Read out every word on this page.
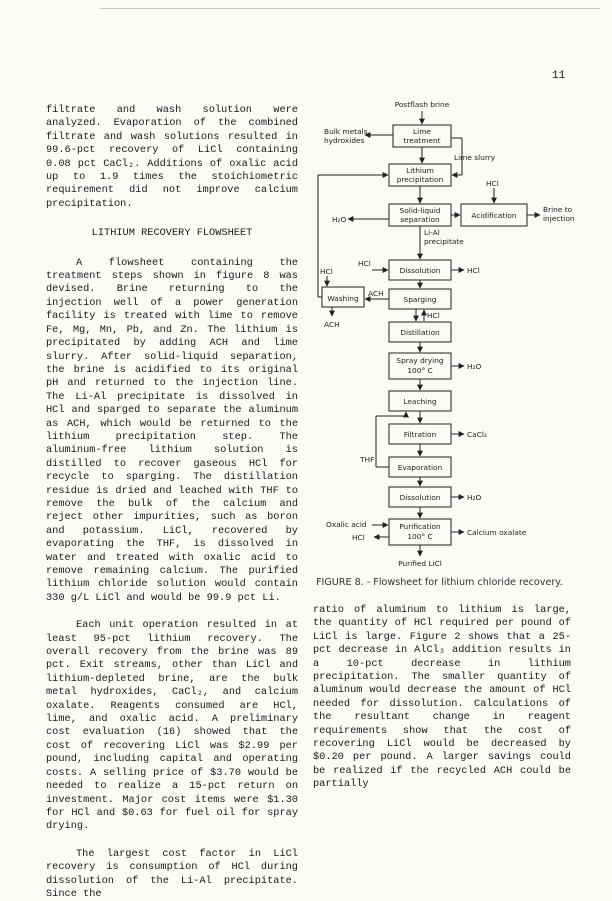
11

filtrate and wash solution were analyzed. Evaporation of the combined filtrate and wash solutions resulted in 99.6-pct recovery of LiCl containing 0.08 pct CaCl₂. Additions of oxalic acid up to 1.9 times the stoichiometric requirement did not improve calcium precipitation.

LITHIUM RECOVERY FLOWSHEET

A flowsheet containing the treatment steps shown in figure 8 was devised. Brine returning to the injection well of a power generation facility is treated with lime to remove Fe, Mg, Mn, Pb, and Zn. The lithium is precipitated by adding ACH and lime slurry. After solid-liquid separation, the brine is acidified to its original pH and returned to the injection line. The Li-Al precipitate is dissolved in HCl and sparged to separate the aluminum as ACH, which would be returned to the lithium precipitation step. The aluminum-free lithium solution is distilled to recover gaseous HCl for recycle to sparging. The distillation residue is dried and leached with THF to remove the bulk of the calcium and reject other impurities, such as boron and potassium. LiCl, recovered by evaporating the THF, is dissolved in water and treated with oxalic acid to remove remaining calcium. The purified lithium chloride solution would contain 330 g/L LiCl and would be 99.9 pct Li.

Each unit operation resulted in at least 95-pct lithium recovery. The overall recovery from the brine was 89 pct. Exit streams, other than LiCl and lithium-depleted brine, are the bulk metal hydroxides, CaCl₂, and calcium oxalate. Reagents consumed are HCl, lime, and oxalic acid. A preliminary cost evaluation (16) showed that the cost of recovering LiCl was $2.99 per pound, including capital and operating costs. A selling price of $3.70 would be needed to realize a 15-pct return on investment. Major cost items were $1.30 for HCl and $0.63 for fuel oil for spray drying.

The largest cost factor in LiCl recovery is consumption of HCl during dissolution of the Li-Al precipitate. Since the

Postflash brine
Bulk metals
hydroxides
Lime
treatment
Lime slurry
Lithium
precipitation	HCl
Solid-liquid
separation	Acidification
Brine to
injection
H₂O
Li-Al
precipitate
HCl
Dissolution	HCl
HCl
Washing
ACH
Sparging
ACH
HCl
Distillation
Spray drying
100° C	H₂O
Leaching
Filtration	CaCl₂
THF
Evaporation
Dissolution	H₂O
Oxalic acid
HCl
Purification
100° C	Calcium oxalate
Purified LiCl
FIGURE 8. - Flowsheet for lithium chloride recovery.

ratio of aluminum to lithium is large, the quantity of HCl required per pound of LiCl is large. Figure 2 shows that a 25-pct decrease in AlCl₃ addition results in a 10-pct decrease in lithium precipitation. The smaller quantity of aluminum would decrease the amount of HCl needed for dissolution. Calculations of the resultant change in reagent requirements show that the cost of recovering LiCl would be decreased by $0.20 per pound. A larger savings could be realized if the recycled ACH could be partially
